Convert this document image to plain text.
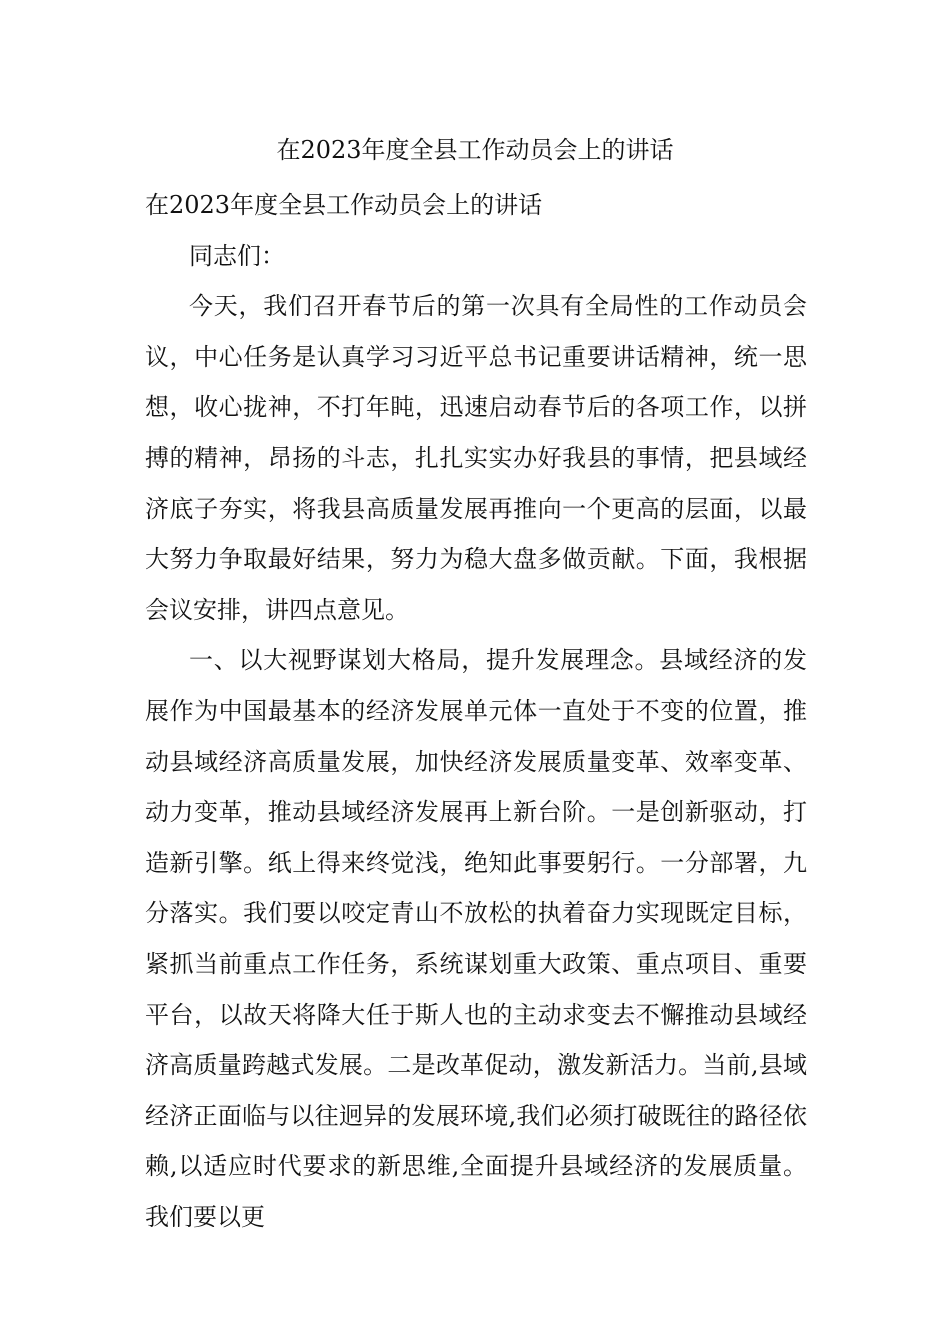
在2023年度全县工作动员会上的讲话

在2023年度全县工作动员会上的讲话

同志们：

今天，我们召开春节后的第一次具有全局性的工作动员会议，中心任务是认真学习习近平总书记重要讲话精神，统一思想，收心拢神，不打年盹，迅速启动春节后的各项工作，以拼搏的精神，昂扬的斗志，扎扎实实办好我县的事情，把县域经济底子夯实，将我县高质量发展再推向一个更高的层面，以最大努力争取最好结果，努力为稳大盘多做贡献。下面，我根据会议安排，讲四点意见。

一、以大视野谋划大格局，提升发展理念。县域经济的发展作为中国最基本的经济发展单元体一直处于不变的位置，推动县域经济高质量发展，加快经济发展质量变革、效率变革、动力变革，推动县域经济发展再上新台阶。一是创新驱动，打造新引擎。纸上得来终觉浅，绝知此事要躬行。一分部署，九分落实。我们要以咬定青山不放松的执着奋力实现既定目标，紧抓当前重点工作任务，系统谋划重大政策、重点项目、重要平台，以故天将降大任于斯人也的主动求变去不懈推动县域经济高质量跨越式发展。二是改革促动，激发新活力。当前,县域经济正面临与以往迥异的发展环境,我们必须打破既往的路径依赖,以适应时代要求的新思维,全面提升县域经济的发展质量。我们要以更
